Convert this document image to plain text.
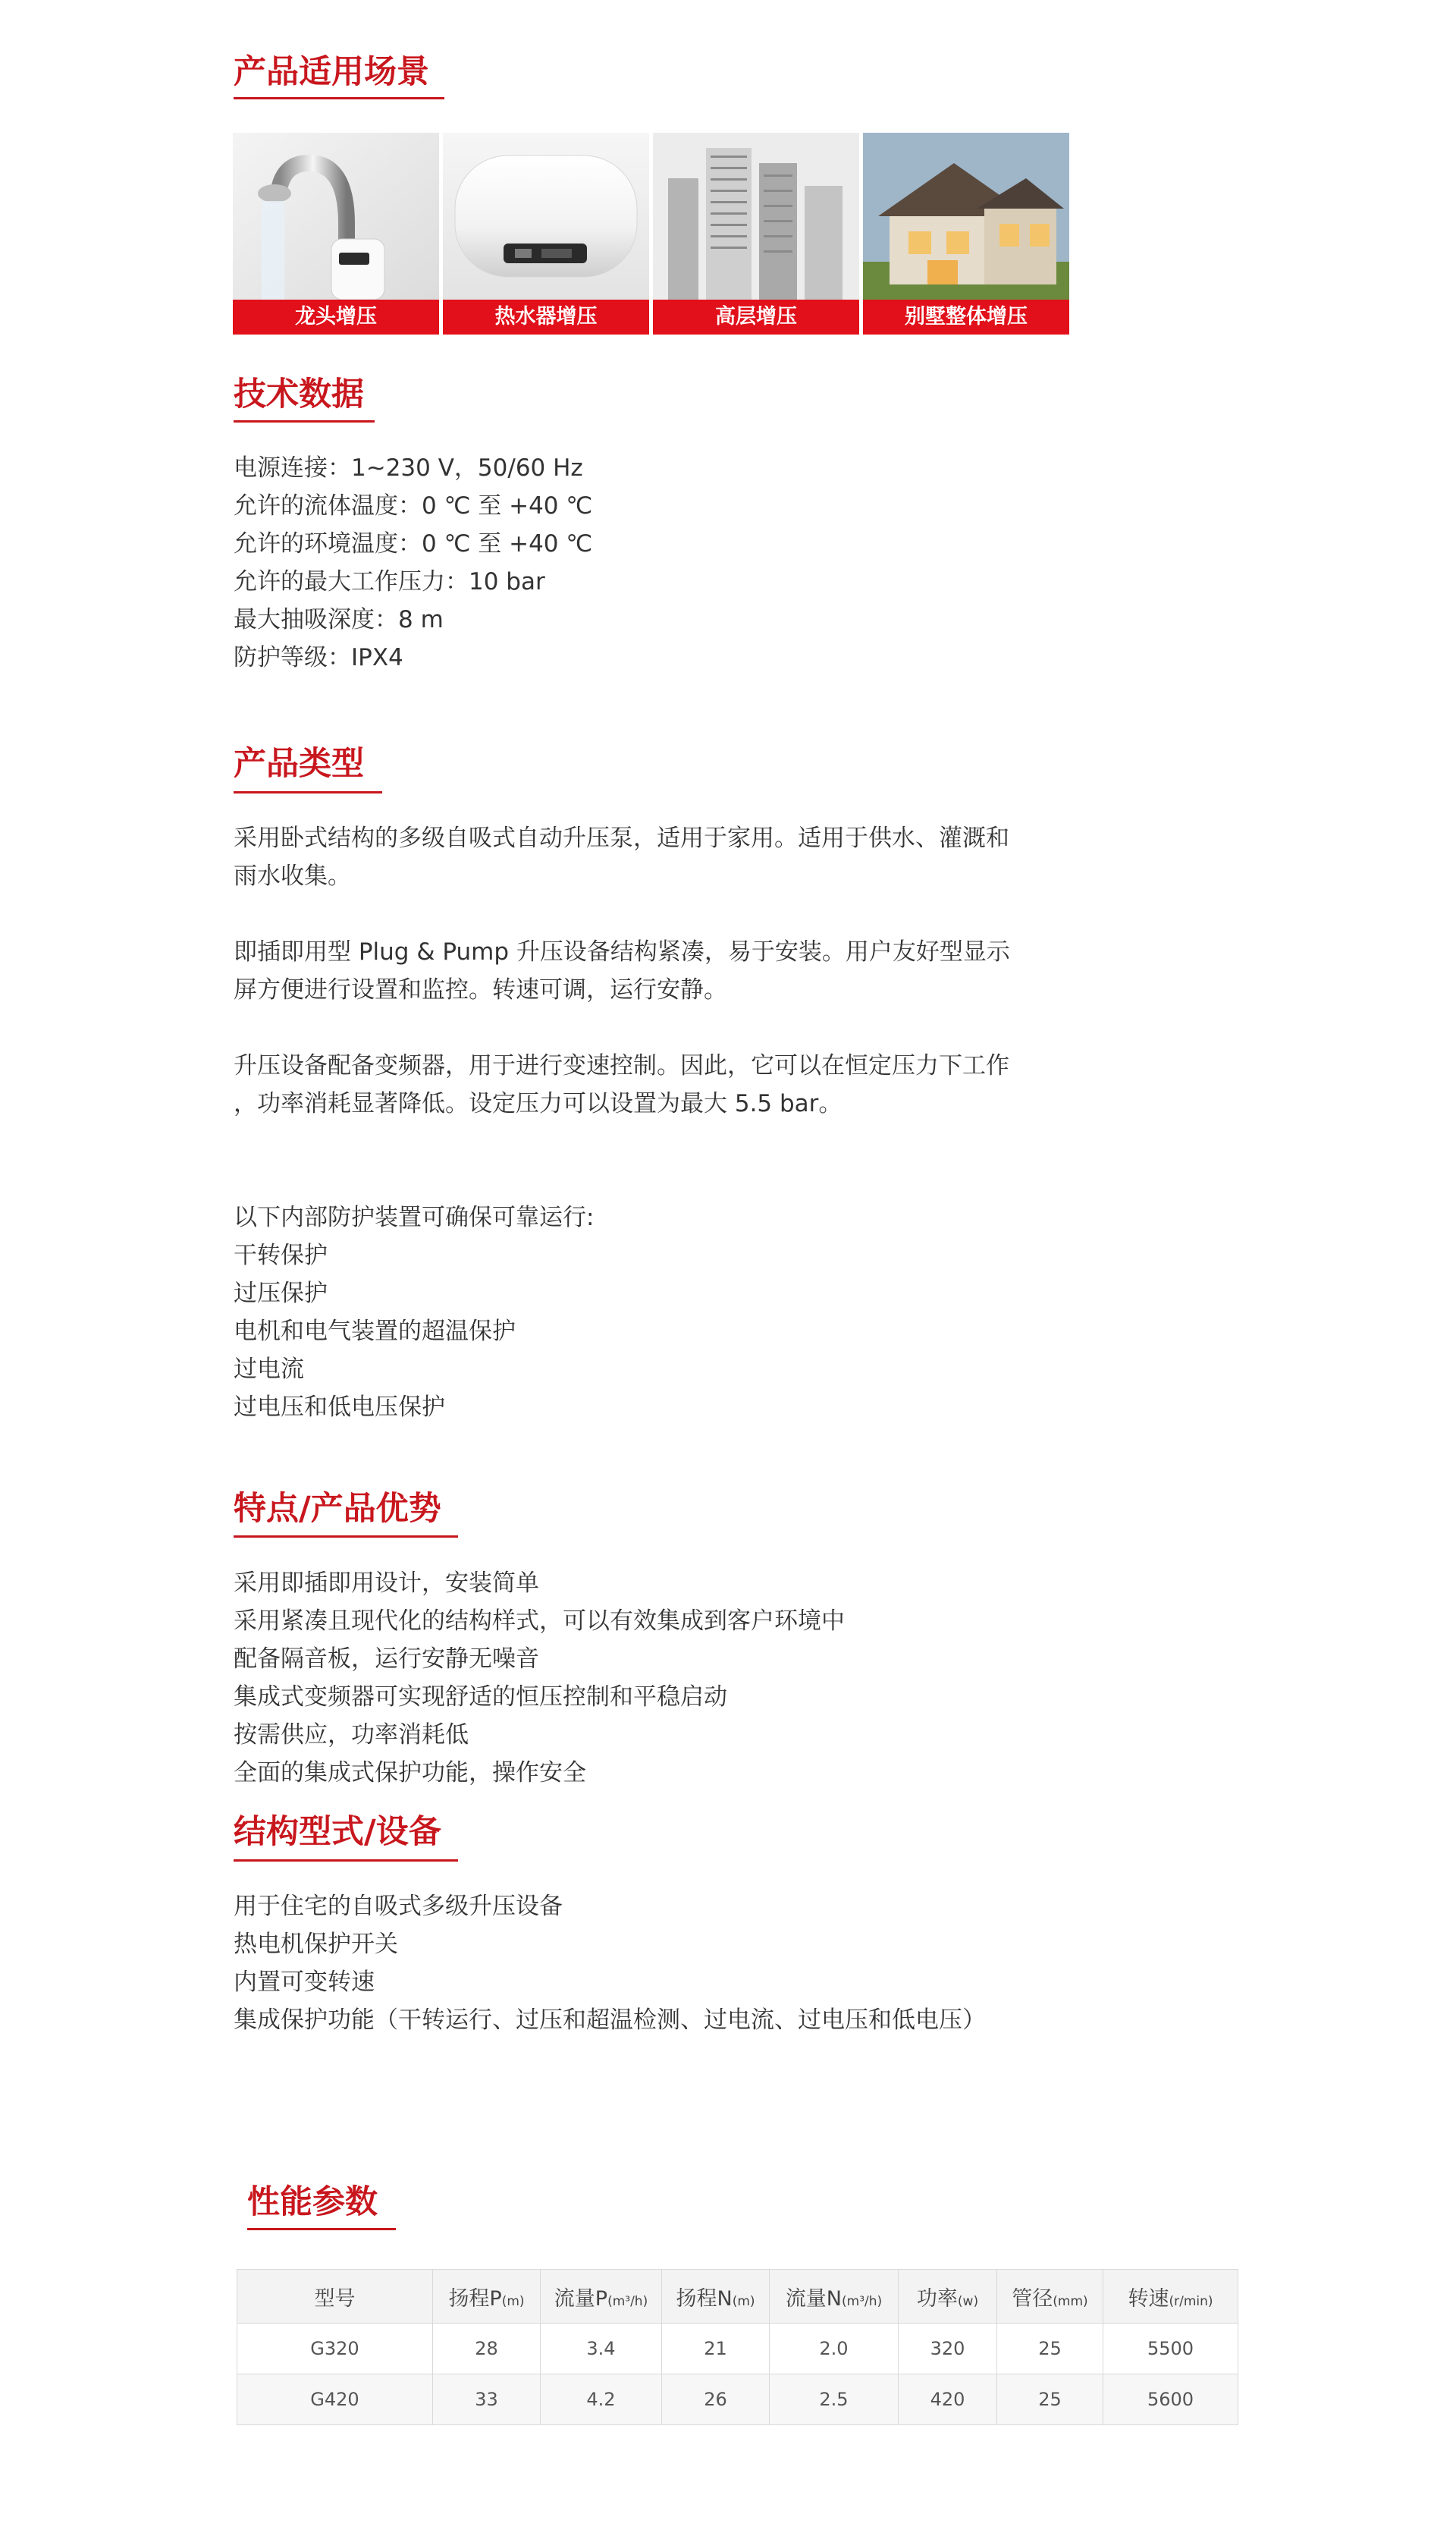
产品适用场景
龙头增压	热水器增压	高层增压	别墅整体增压
技术数据

电源连接：1~230 V，50/60 Hz

允许的流体温度：0 ℃ 至 +40 ℃

允许的环境温度：0 ℃ 至 +40 ℃

允许的最大工作压力：10 bar

最大抽吸深度：8 m

防护等级：IPX4

产品类型

采用卧式结构的多级自吸式自动升压泵，适用于家用。适用于供水、灌溉和

雨水收集。

即插即用型 Plug & Pump 升压设备结构紧凑，易于安装。用户友好型显示

屏方便进行设置和监控。转速可调，运行安静。

升压设备配备变频器，用于进行变速控制。因此，它可以在恒定压力下工作

，功率消耗显著降低。设定压力可以设置为最大 5.5 bar。

以下内部防护装置可确保可靠运行:

干转保护

过压保护

电机和电气装置的超温保护

过电流

过电压和低电压保护

特点/产品优势

采用即插即用设计，安装简单

采用紧凑且现代化的结构样式，可以有效集成到客户环境中

配备隔音板，运行安静无噪音

集成式变频器可实现舒适的恒压控制和平稳启动

按需供应，功率消耗低

全面的集成式保护功能，操作安全

结构型式/设备

用于住宅的自吸式多级升压设备

热电机保护开关

内置可变转速

集成保护功能（干转运行、过压和超温检测、过电流、过电压和低电压）

性能参数
型号	扬程P(m)	流量P(m³/h)	扬程N(m)	流量N(m³/h)	功率(w)	管径(mm)	转速(r/min)
G320	28	3.4	21	2.0	320	25	5500
G420	33	4.2	26	2.5	420	25	5600
